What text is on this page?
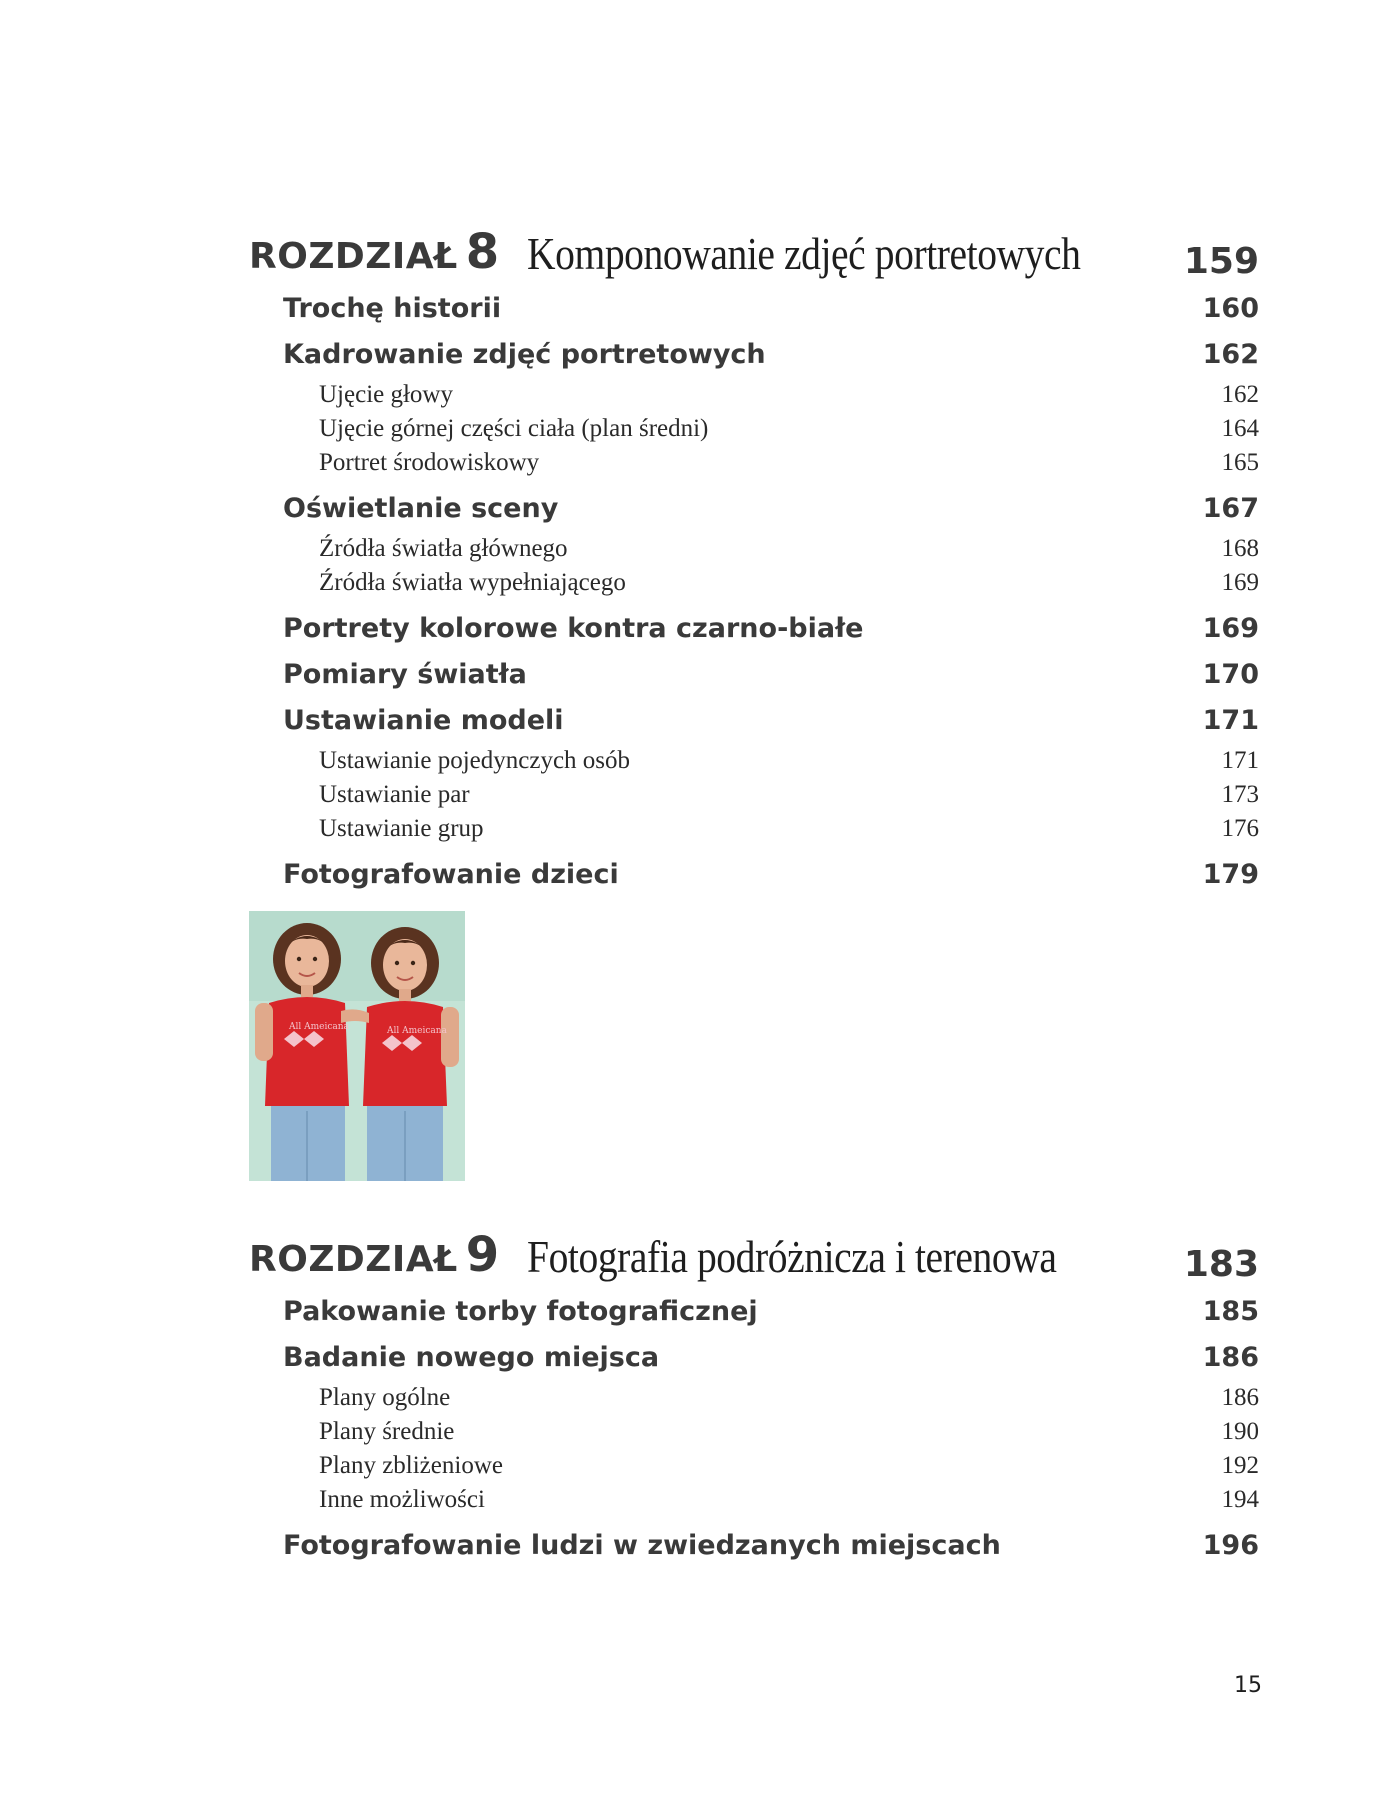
ROZDZIAŁ 8 Komponowanie zdjęć portretowych	159
Trochę historii	160
Kadrowanie zdjęć portretowych	162
Ujęcie głowy	162
Ujęcie górnej części ciała (plan średni)	164
Portret środowiskowy	165
Oświetlanie sceny	167
Źródła światła głównego	168
Źródła światła wypełniającego	169
Portrety kolorowe kontra czarno-białe	169
Pomiary światła	170
Ustawianie modeli	171
Ustawianie pojedynczych osób	171
Ustawianie par	173
Ustawianie grup	176
Fotografowanie dzieci	179
All Ameicana	All Ameicana
ROZDZIAŁ 9 Fotografia podróżnicza i terenowa	183
Pakowanie torby fotograficznej	185
Badanie nowego miejsca	186
Plany ogólne	186
Plany średnie	190
Plany zbliżeniowe	192
Inne możliwości	194
Fotografowanie ludzi w zwiedzanych miejscach	196
15
